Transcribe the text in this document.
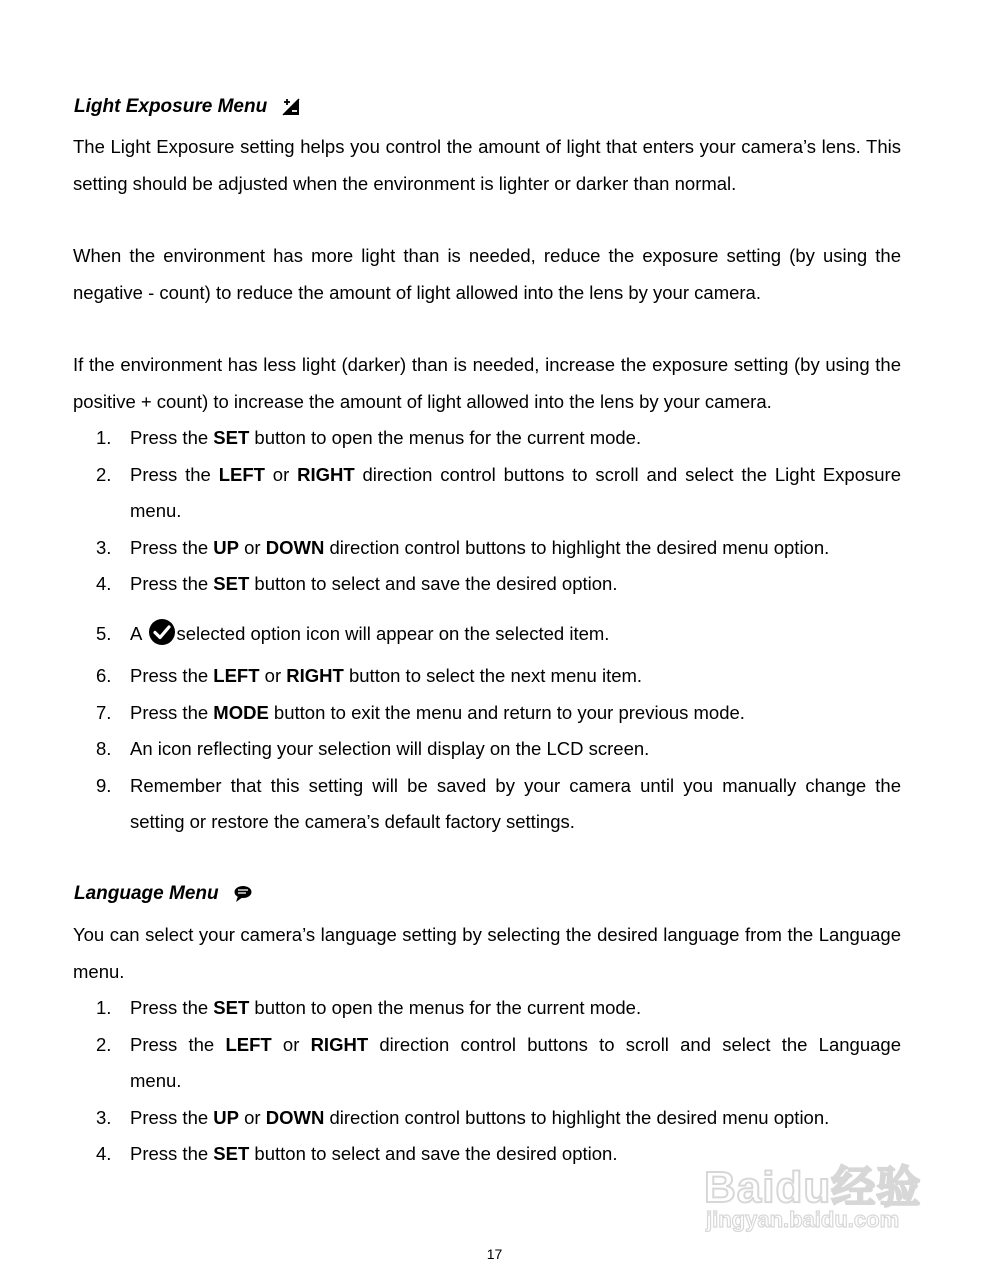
Light Exposure Menu

The Light Exposure setting helps you control the amount of light that enters your camera’s lens. This setting should be adjusted when the environment is lighter or darker than normal.

When the environment has more light than is needed, reduce the exposure setting (by using the negative - count) to reduce the amount of light allowed into the lens by your camera.

If the environment has less light (darker) than is needed, increase the exposure setting (by using the positive + count) to increase the amount of light allowed into the lens by your camera.

1. Press the SET button to open the menus for the current mode.
2. Press the LEFT or RIGHT direction control buttons to scroll and select the Light Exposure menu.
3. Press the UP or DOWN direction control buttons to highlight the desired menu option.
4. Press the SET button to select and save the desired option.
5. A selected option icon will appear on the selected item.
6. Press the LEFT or RIGHT button to select the next menu item.
7. Press the MODE button to exit the menu and return to your previous mode.
8. An icon reflecting your selection will display on the LCD screen.
9. Remember that this setting will be saved by your camera until you manually change the setting or restore the camera’s default factory settings.
Language Menu

You can select your camera’s language setting by selecting the desired language from the Language menu.

1. Press the SET button to open the menus for the current mode.
2. Press the LEFT or RIGHT direction control buttons to scroll and select the Language menu.
3. Press the UP or DOWN direction control buttons to highlight the desired menu option.
4. Press the SET button to select and save the desired option.
Baidu经验
jingyan.baidu.com
17
